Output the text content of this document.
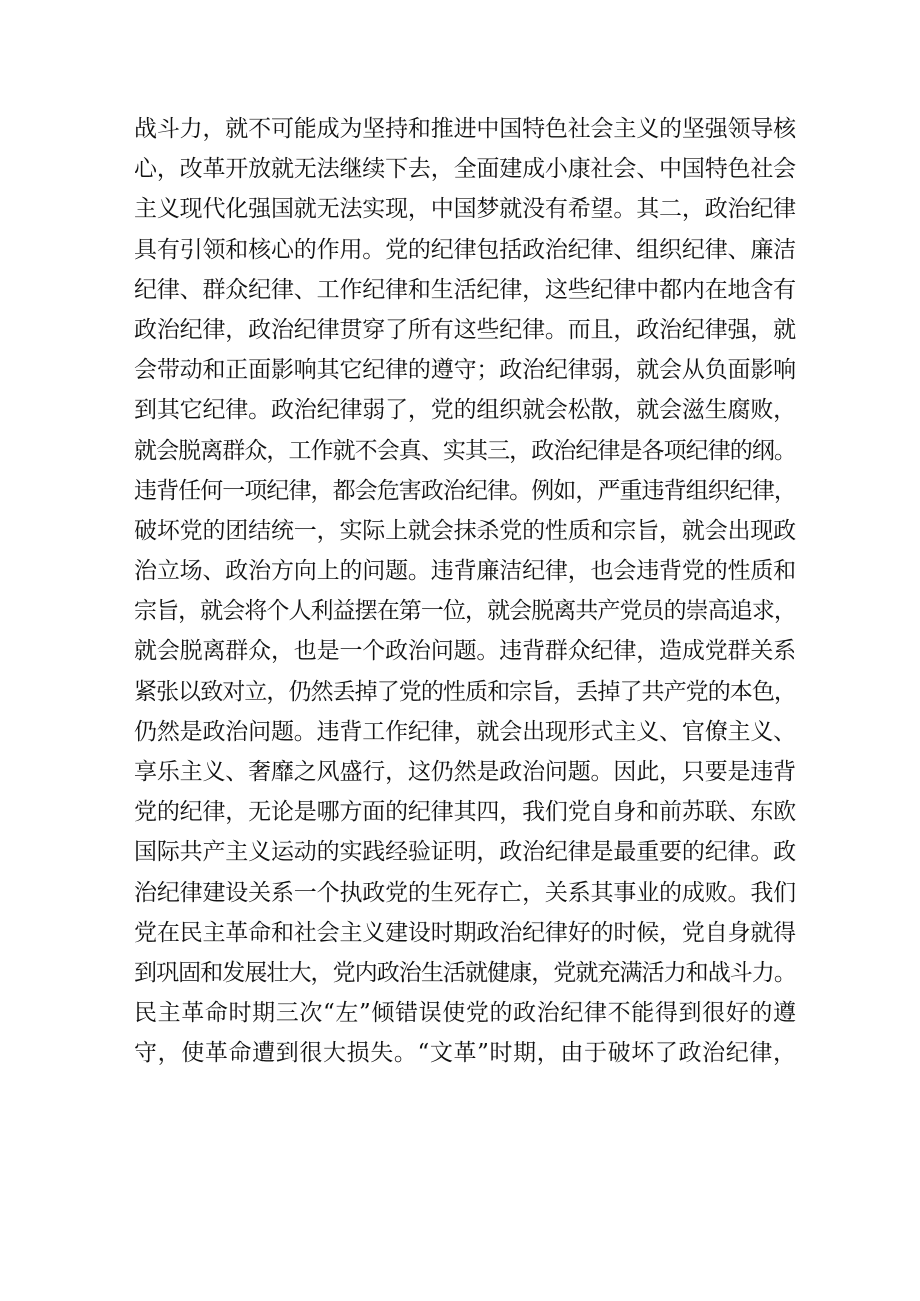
战斗力，就不可能成为坚持和推进中国特色社会主义的坚强领导核
心，改革开放就无法继续下去，全面建成小康社会、中国特色社会
主义现代化强国就无法实现，中国梦就没有希望。其二，政治纪律
具有引领和核心的作用。党的纪律包括政治纪律、组织纪律、廉洁
纪律、群众纪律、工作纪律和生活纪律，这些纪律中都内在地含有
政治纪律，政治纪律贯穿了所有这些纪律。而且，政治纪律强，就
会带动和正面影响其它纪律的遵守；政治纪律弱，就会从负面影响
到其它纪律。政治纪律弱了，党的组织就会松散，就会滋生腐败，
就会脱离群众，工作就不会真、实其三，政治纪律是各项纪律的纲。
违背任何一项纪律，都会危害政治纪律。例如，严重违背组织纪律，
破坏党的团结统一，实际上就会抹杀党的性质和宗旨，就会出现政
治立场、政治方向上的问题。违背廉洁纪律，也会违背党的性质和
宗旨，就会将个人利益摆在第一位，就会脱离共产党员的崇高追求，
就会脱离群众，也是一个政治问题。违背群众纪律，造成党群关系
紧张以致对立，仍然丢掉了党的性质和宗旨，丢掉了共产党的本色，
仍然是政治问题。违背工作纪律，就会出现形式主义、官僚主义、
享乐主义、奢靡之风盛行，这仍然是政治问题。因此，只要是违背
党的纪律，无论是哪方面的纪律其四，我们党自身和前苏联、东欧
国际共产主义运动的实践经验证明，政治纪律是最重要的纪律。政
治纪律建设关系一个执政党的生死存亡，关系其事业的成败。我们
党在民主革命和社会主义建设时期政治纪律好的时候，党自身就得
到巩固和发展壮大，党内政治生活就健康，党就充满活力和战斗力。
民主革命时期三次“左”倾错误使党的政治纪律不能得到很好的遵
守，使革命遭到很大损失。“文革”时期，由于破坏了政治纪律，
